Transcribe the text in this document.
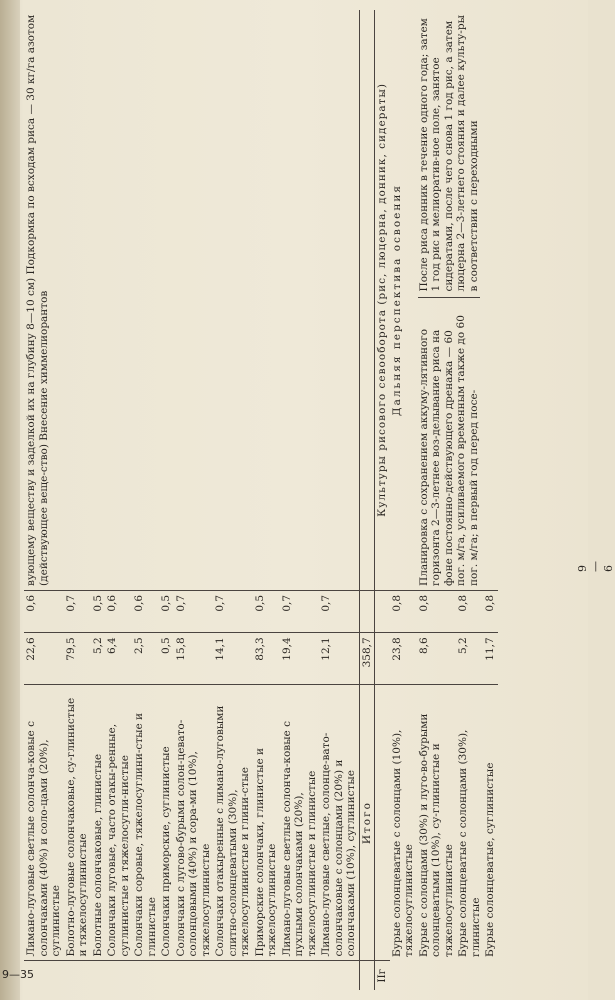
	Лимано-луговые светлые солонча-ковые с солончаками (40%) и соло-цами (20%), суглинистые	22,6	0,6	вующему веществу и заделкой их на глубину 8—10 см) Подкормка по всходам риса — 30 кг/га азотом (действующее веще-ство) Внесение химмелиорантов
	Болотно-луговые солончаковые, су-глинистые и тяжелосуглинистые	79,5	0,7	
	Болотные солончаковые, глинистые	5,2	0,5	
	Солончаки луговые, часто отакы-ренные, суглинистые и тяжелосугли-нистые	6,4	0,6	
	Солончаки соровые, тяжелосуглини-стые и глинистые	2,5	0,6	
	Солончаки приморские, суглинистые	0,5	0,5	
	Солончаки с лугово-бурыми солон-цевато-солонцовыми (40%) и сора-ми (10%), тяжелосуглинистые	15,8	0,7	
	Солончаки отакыренные с лимано-луговыми слитно-солонцеватыми (30%), тяжелосуглинистые и глини-стые	14,1	0,7	
	Приморские солончаки, глинистые и тяжелосуглинистые	83,3	0,5	
	Лимано-луговые светлые солонча-ковые с пухлыми солончаками (20%), тяжелосуглинистые и глинистые	19,4	0,7	
	Лимано-луговые светлые, солонце-вато-солончаковые с солонцами (20%) и солончаками (10%), суглинистые	12,1	0,7	
	Итого	358,7		
IIг				Культуры рисового севооборота (рис, люцерна, донник, сидераты)
	Бурые солонцеватые с солонцами (10%), тяжелосуглинистые	23,8	0,8	Дальняя перспектива освоения
	Бурые с солонцами (30%) и луго-во-бурыми солонцеватыми (10%), су-глинистые и тяжелосуглинистые	8,6	0,8	Планировка с сохранением аккуму-лятивного горизонта 2—3-летнее воз-делывание риса на фоне постоянно-действующего дренажа — 60 пог. м/га, усиливаемого временным также до 60 пог. м/га; в первый год перед посе-
После риса донник в течение одного года; затем 1 год рис и мелиоратив-ное поле, занятое сидератами, после чего снова 1 год рис, а затем люцерна 2—3-летнего стояния и далее культу-ры в соответствии с переходными

	Бурые солонцеватые с солонцами (30%), глинистые	5,2	0,8	
	Бурые солонцеватые, суглинистые	11,7	0,8	
9—35
9—6
